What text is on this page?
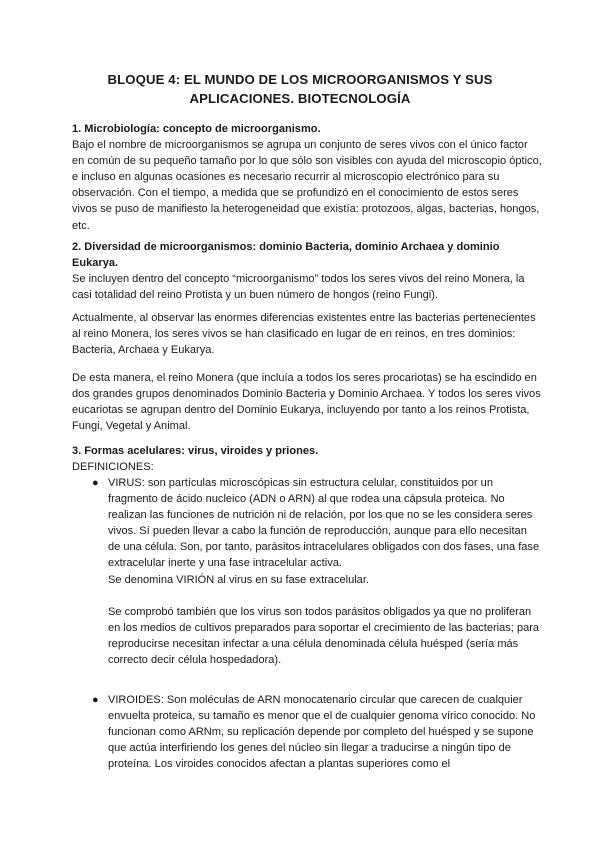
BLOQUE 4: EL MUNDO DE LOS MICROORGANISMOS Y SUS
APLICACIONES. BIOTECNOLOGÍA

1. Microbiología: concepto de microorganismo.

Bajo el nombre de microorganismos se agrupa un conjunto de seres vivos con el único factor en común de su pequeño tamaño por lo que sólo son visibles con ayuda del microscopio óptico, e incluso en algunas ocasiones es necesario recurrir al microscopio electrónico para su observación. Con el tiempo, a medida que se profundizó en el conocimiento de estos seres vivos se puso de manifiesto la heterogeneidad que existía: protozoos, algas, bacterias, hongos, etc.

2. Diversidad de microorganismos: dominio Bacteria, dominio Archaea y dominio Eukarya.

Se incluyen dentro del concepto “microorganismo” todos los seres vivos del reino Monera, la casi totalidad del reino Protista y un buen número de hongos (reino Fungi).

Actualmente, al observar las enormes diferencias existentes entre las bacterias pertenecientes al reino Monera, los seres vivos se han clasificado en lugar de en reinos, en tres dominios: Bacteria, Archaea y Eukarya.

De esta manera, el reino Monera (que incluía a todos los seres procariotas) se ha escindido en dos grandes grupos denominados Dominio Bacteria y Dominio Archaea. Y todos los seres vivos eucariotas se agrupan dentro del Dominio Eukarya, incluyendo por tanto a los reinos Protista, Fungi, Vegetal y Animal.

3. Formas acelulares: virus, viroides y priones.

DEFINICIONES:

● VIRUS: son partículas microscópicas sin estructura celular, constituidos por un fragmento de ácido nucleico (ADN o ARN) al que rodea una cápsula proteica. No realizan las funciones de nutrición ni de relación, por los que no se les considera seres vivos. Sí pueden llevar a cabo la función de reproducción, aunque para ello necesitan de una célula. Son, por tanto, parásitos intracelulares obligados con dos fases, una fase extracelular inerte y una fase intracelular activa.

Se denomina VIRIÓN al virus en su fase extracelular.

Se comprobó también que los virus son todos parásitos obligados ya que no proliferan en los medios de cultivos preparados para soportar el crecimiento de las bacterias; para reproducirse necesitan infectar a una célula denominada célula huésped (sería más correcto decir célula hospedadora).

● VIROIDES: Son moléculas de ARN monocatenario circular que carecen de cualquier envuelta proteica, su tamaño es menor que el de cualquier genoma vírico conocido. No funcionan como ARNm, su replicación depende por completo del huésped y se supone que actúa interfiriendo los genes del núcleo sin llegar a traducirse a ningún tipo de proteína. Los viroides conocidos afectan a plantas superiores como el
